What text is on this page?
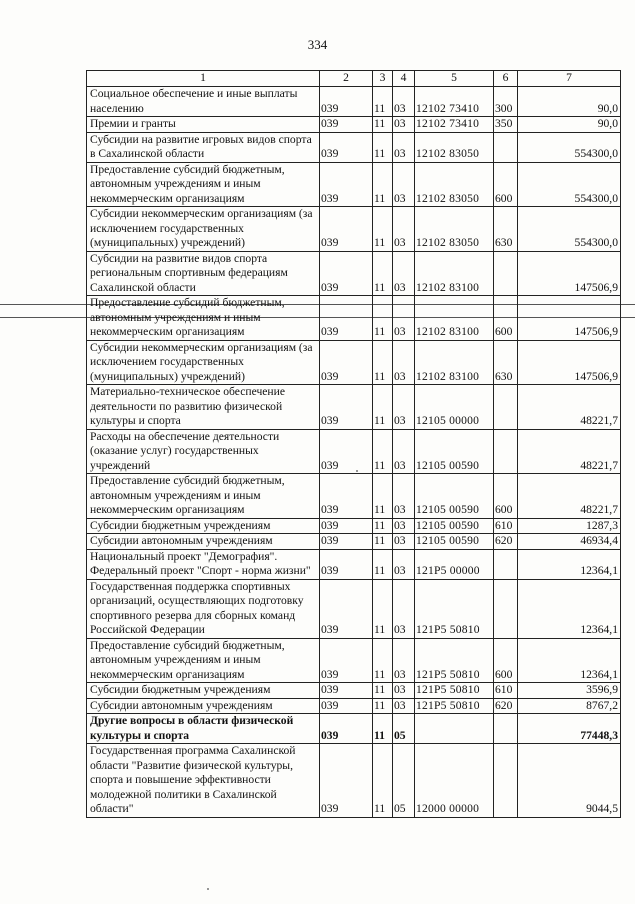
334
1	2	3	4	5	6	7
Социальное обеспечение и иные выплаты населению	039	11	03	12102 73410	300	90,0
Премии и гранты	039	11	03	12102 73410	350	90,0
Субсидии на развитие игровых видов спорта в Сахалинской области	039	11	03	12102 83050		554300,0
Предоставление субсидий бюджетным, автономным учреждениям и иным некоммерческим организациям	039	11	03	12102 83050	600	554300,0
Субсидии некоммерческим организациям (за исключением государственных (муниципальных) учреждений)	039	11	03	12102 83050	630	554300,0
Субсидии на развитие видов спорта региональным спортивным федерациям Сахалинской области	039	11	03	12102 83100		147506,9
Предоставление субсидий бюджетным, автономным учреждениям и иным некоммерческим организациям	039	11	03	12102 83100	600	147506,9
Субсидии некоммерческим организациям (за исключением государственных (муниципальных) учреждений)	039	11	03	12102 83100	630	147506,9
Материально-техническое обеспечение деятельности по развитию физической культуры и спорта	039	11	03	12105 00000		48221,7
Расходы на обеспечение деятельности (оказание услуг) государственных учреждений	039	11	03	12105 00590		48221,7
Предоставление субсидий бюджетным, автономным учреждениям и иным некоммерческим организациям	039	11	03	12105 00590	600	48221,7
Субсидии бюджетным учреждениям	039	11	03	12105 00590	610	1287,3
Субсидии автономным учреждениям	039	11	03	12105 00590	620	46934,4
Национальный проект "Демография". Федеральный проект "Спорт - норма жизни"	039	11	03	121P5 00000		12364,1
Государственная поддержка спортивных организаций, осуществляющих подготовку спортивного резерва для сборных команд Российской Федерации	039	11	03	121P5 50810		12364,1
Предоставление субсидий бюджетным, автономным учреждениям и иным некоммерческим организациям	039	11	03	121P5 50810	600	12364,1
Субсидии бюджетным учреждениям	039	11	03	121P5 50810	610	3596,9
Субсидии автономным учреждениям	039	11	03	121P5 50810	620	8767,2
Другие вопросы в области физической культуры и спорта	039	11	05			77448,3
Государственная программа Сахалинской области "Развитие физической культуры, спорта и повышение эффективности молодежной политики в Сахалинской области"	039	11	05	12000 00000		9044,5
